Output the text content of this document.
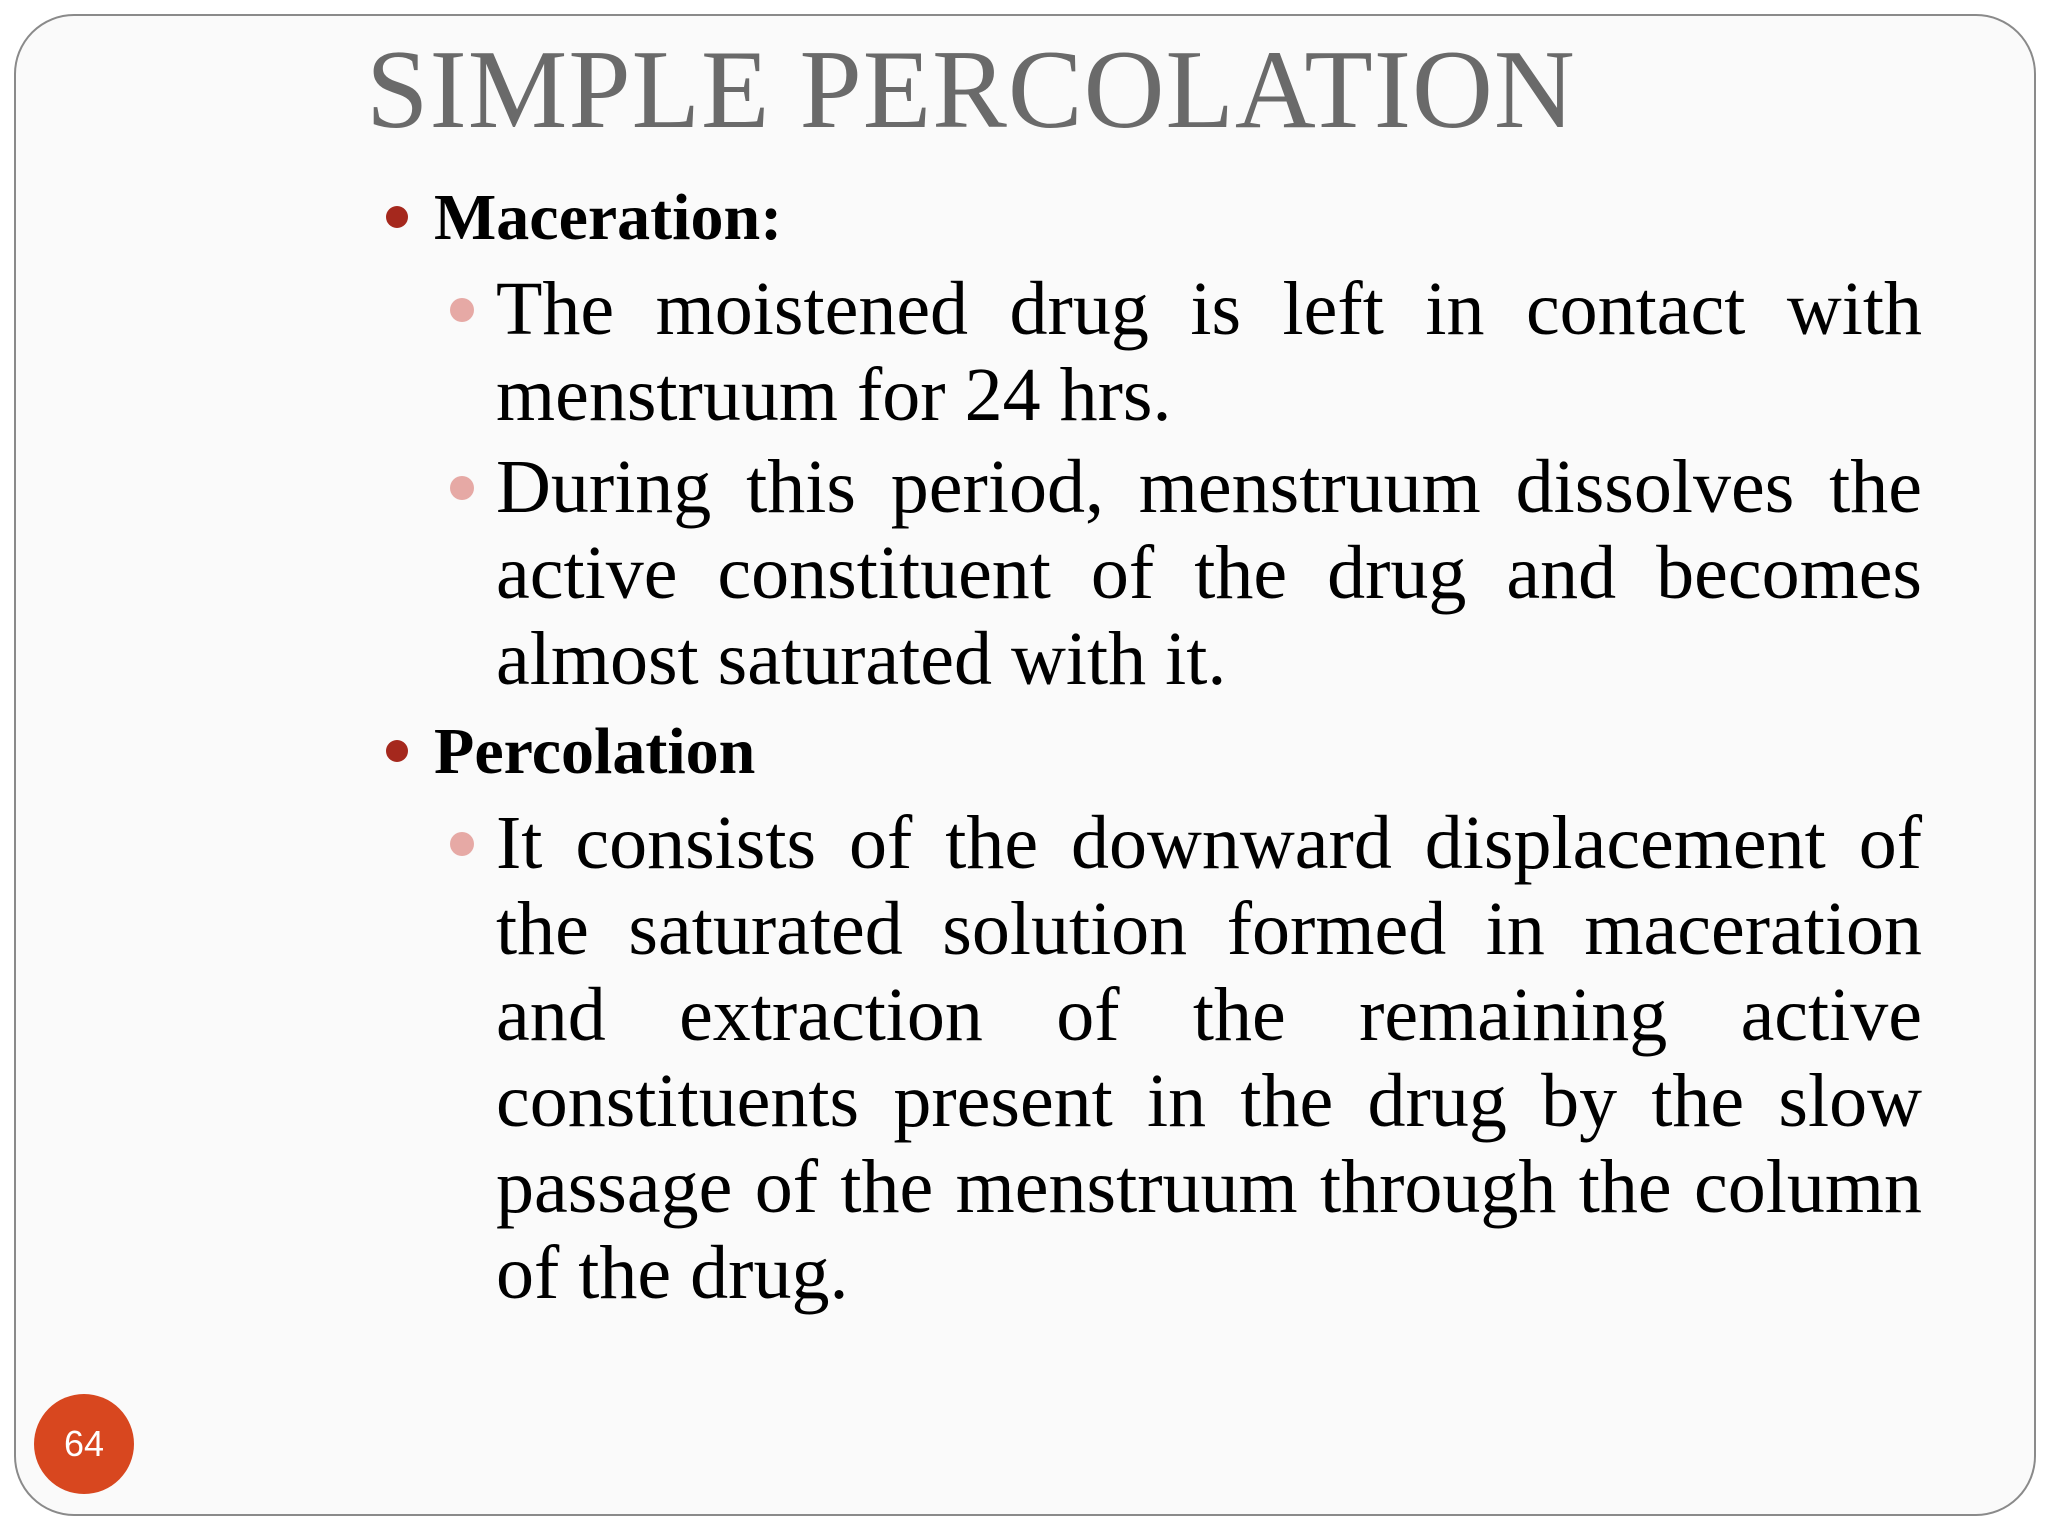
SIMPLE PERCOLATION
Maceration:
The moistened drug is left in contact with menstruum for 24 hrs.
During this period, menstruum dissolves the active constituent of the drug and becomes almost saturated with it.
Percolation
It consists of the downward displacement of the saturated solution formed in maceration and extraction of the remaining active constituents present in the drug by the slow passage of the menstruum through the column of the drug.
64
